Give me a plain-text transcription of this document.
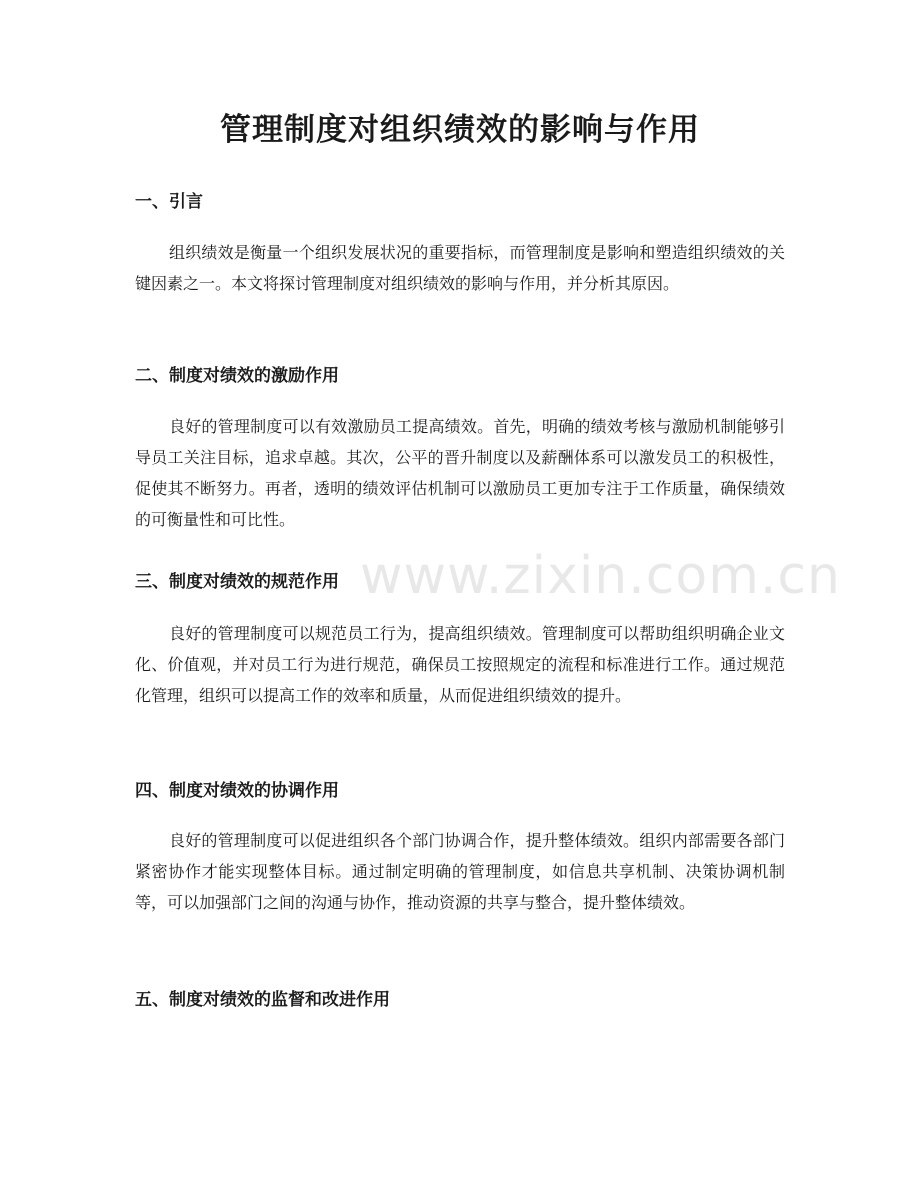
管理制度对组织绩效的影响与作用
一、引言

组织绩效是衡量一个组织发展状况的重要指标，而管理制度是影响和塑造组织绩效的关键因素之一。本文将探讨管理制度对组织绩效的影响与作用，并分析其原因。

二、制度对绩效的激励作用

良好的管理制度可以有效激励员工提高绩效。首先，明确的绩效考核与激励机制能够引导员工关注目标，追求卓越。其次，公平的晋升制度以及薪酬体系可以激发员工的积极性，促使其不断努力。再者，透明的绩效评估机制可以激励员工更加专注于工作质量，确保绩效的可衡量性和可比性。

三、制度对绩效的规范作用

良好的管理制度可以规范员工行为，提高组织绩效。管理制度可以帮助组织明确企业文化、价值观，并对员工行为进行规范，确保员工按照规定的流程和标准进行工作。通过规范化管理，组织可以提高工作的效率和质量，从而促进组织绩效的提升。

四、制度对绩效的协调作用

良好的管理制度可以促进组织各个部门协调合作，提升整体绩效。组织内部需要各部门紧密协作才能实现整体目标。通过制定明确的管理制度，如信息共享机制、决策协调机制等，可以加强部门之间的沟通与协作，推动资源的共享与整合，提升整体绩效。

五、制度对绩效的监督和改进作用
www.zixin.com.cn
